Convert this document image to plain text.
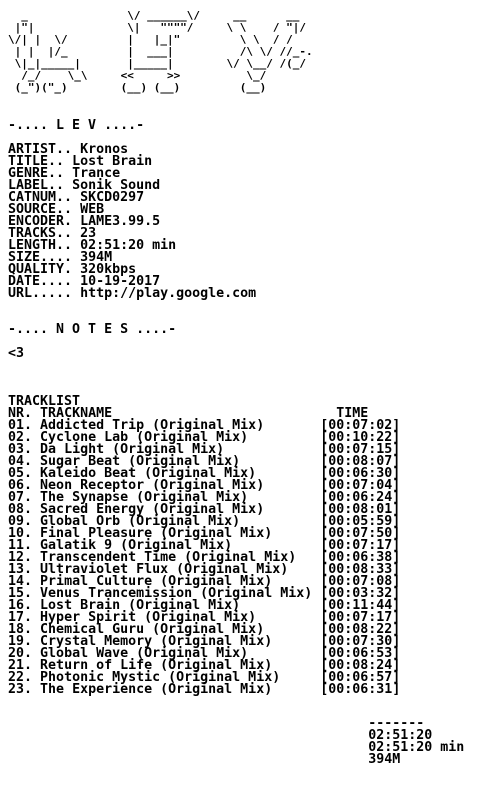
_               \/ ______\/     __      __
|"|              \|   """"/     \ \    / "|/
\/| |  \/         |   |_|"         \ \  / /
| |  |/_         |  ___|          /\ \/ //_-.
\|_|_____|       |_____|        \/ \__/ /(_/
/_/    \_\     <<     >>          \_/
(_")("_)        (__) (__)         (__)
-.... L E V ....-

ARTIST.. Kronos
TITLE.. Lost Brain
GENRE.. Trance
LABEL.. Sonik Sound
CATNUM.. SKCD0297
SOURCE.. WEB
ENCODER. LAME3.99.5
TRACKS.. 23
LENGTH.. 02:51:20 min
SIZE.... 394M
QUALITY. 320kbps
DATE.... 10-19-2017
URL..... http://play.google.com
-.... N O T E S ....-

<3
TRACKLIST
NR. TRACKNAME	TIME
01. Addicted Trip (Original Mix)	[00:07:02]
02. Cyclone Lab (Original Mix)	[00:10:22]
03. Da Light (Original Mix)	[00:07:15]
04. Sugar Beat (Original Mix)	[00:08:07]
05. Kaleido Beat (Original Mix)	[00:06:30]
06. Neon Receptor (Original Mix)	[00:07:04]
07. The Synapse (Original Mix)	[00:06:24]
08. Sacred Energy (Original Mix)	[00:08:01]
09. Global Orb (Original Mix)	[00:05:59]
10. Final Pleasure (Original Mix)	[00:07:50]
11. Galatik 9 (Original Mix)	[00:07:17]
12. Transcendent Time (Original Mix) [00:06:38]
13. Ultraviolet Flux (Original Mix) [00:08:33]
14. Primal Culture (Original Mix)	[00:07:08]
15. Venus Trancemission (Original Mix) [00:03:32]
16. Lost Brain (Original Mix)	[00:11:44]
17. Hyper Spirit (Original Mix)	[00:07:17]
18. Chemical Guru (Original Mix)	[00:08:22]
19. Crystal Memory (Original Mix)	[00:07:30]
20. Global Wave (Original Mix)	[00:06:53]
21. Return of Life (Original Mix)	[00:08:24]
22. Photonic Mystic (Original Mix)	[00:06:57]
23. The Experience (Original Mix)	[00:06:31]
-------
02:51:20
02:51:20 min
394M
